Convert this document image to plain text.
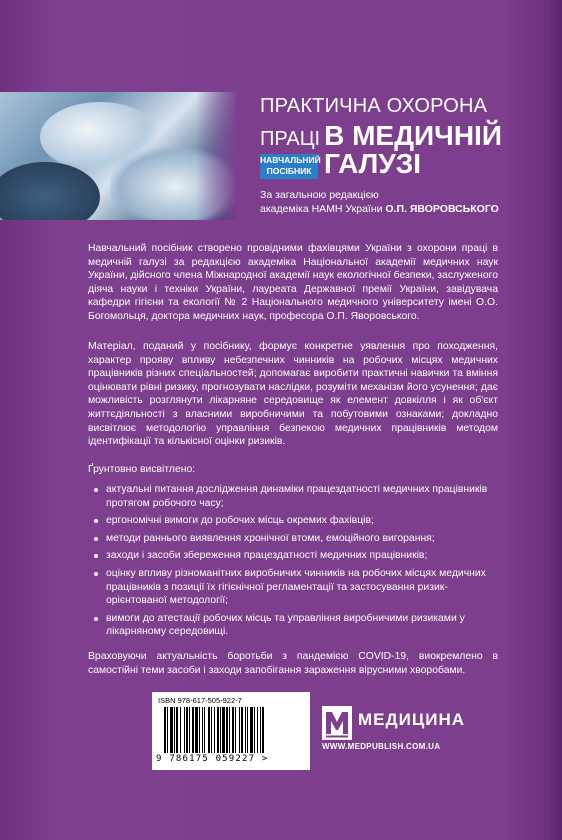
ПРАКТИЧНА ОХОРОНА
ПРАЦІ В МЕДИЧНІЙ
НАВЧАЛЬНИЙ ПОСІБНИК ГАЛУЗІ
За загальною редакцією
академіка НАМН України О.П. ЯВОРОВСЬКОГО

Навчальний посібник створено провідними фахівцями України з охорони праці в медичній галузі за редакцією академіка Національної академії медичних наук України, дійсного члена Міжнародної академії наук екологічної безпеки, заслуженого діяча науки і техніки України, лауреата Державної премії України, завідувача кафедри гігієни та екології № 2 Національного медичного університету імені О.О. Богомольця, доктора медичних наук, професора О.П. Яворовського.

Матеріал, поданий у посібнику, формує конкретне уявлення про походження, характер прояву впливу небезпечних чинників на робочих місцях медичних працівників різних спеціальностей; допомагає виробити практичні навички та вміння оцінювати рівні ризику, прогнозувати наслідки, розуміти механізм його усунення; дає можливість розглянути лікарняне середовище як елемент довкілля і як об'єкт життєдіяльності з власними виробничими та побутовими ознаками; докладно висвітлює методологію управління безпекою медичних працівників методом ідентифікації та кількісної оцінки ризиків.

Ґрунтовно висвітлено:

актуальні питання дослідження динаміки працездатності медичних працівників протягом робочого часу;
ергономічні вимоги до робочих місць окремих фахівців;
методи раннього виявлення хронічної втоми, емоційного вигорання;
заходи і засоби збереження працездатності медичних працівників;
оцінку впливу різноманітних виробничих чинників на робочих місцях медичних працівників з позиції їх гігієнічної регламентації та застосування ризик-орієнтованої методології;
вимоги до атестації робочих місць та управління виробничими ризиками у лікарняному середовищі.

Враховуючи актуальність боротьби з пандемією COVID-19, виокремлено в самостійні теми засоби і заходи запобігання зараження вірусними хворобами.

ISBN 978-617-505-922-7
9 786175 059227 >
МЕДИЦИНА
WWW.MEDPUBLISH.COM.UA
